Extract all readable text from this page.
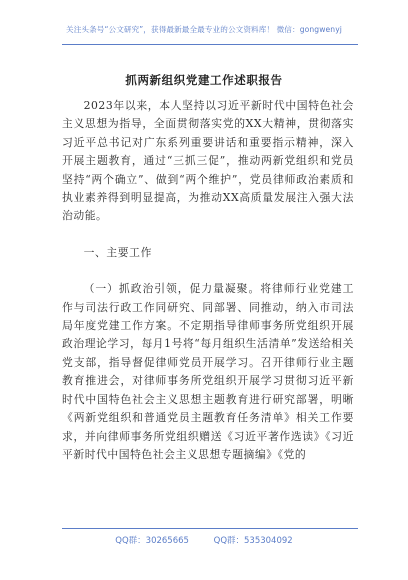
关注头条号“公文研究”，获得最新最全最专业的公文资料库！ 微信：gongwenyj
抓两新组织党建工作述职报告

2023年以来，本人坚持以习近平新时代中国特色社会主义思想为指导，全面贯彻落实党的XX大精神，贯彻落实习近平总书记对广东系列重要讲话和重要指示精神，深入开展主题教育，通过“三抓三促”，推动两新党组织和党员坚持“两个确立”、做到“两个维护”，党员律师政治素质和执业素养得到明显提高，为推动XX高质量发展注入强大法治动能。

一、主要工作

（一）抓政治引领，促力量凝聚。将律师行业党建工作与司法行政工作同研究、同部署、同推动，纳入市司法局年度党建工作方案。不定期指导律师事务所党组织开展政治理论学习，每月1号将“每月组织生活清单”发送给相关党支部，指导督促律师党员开展学习。召开律师行业主题教育推进会，对律师事务所党组织开展学习贯彻习近平新时代中国特色社会主义思想主题教育进行研究部署，明晰《两新党组织和普通党员主题教育任务清单》相关工作要求，并向律师事务所党组织赠送《习近平著作选读》《习近平新时代中国特色社会主义思想专题摘编》《党的

QQ群：30265665	QQ群：535304092
